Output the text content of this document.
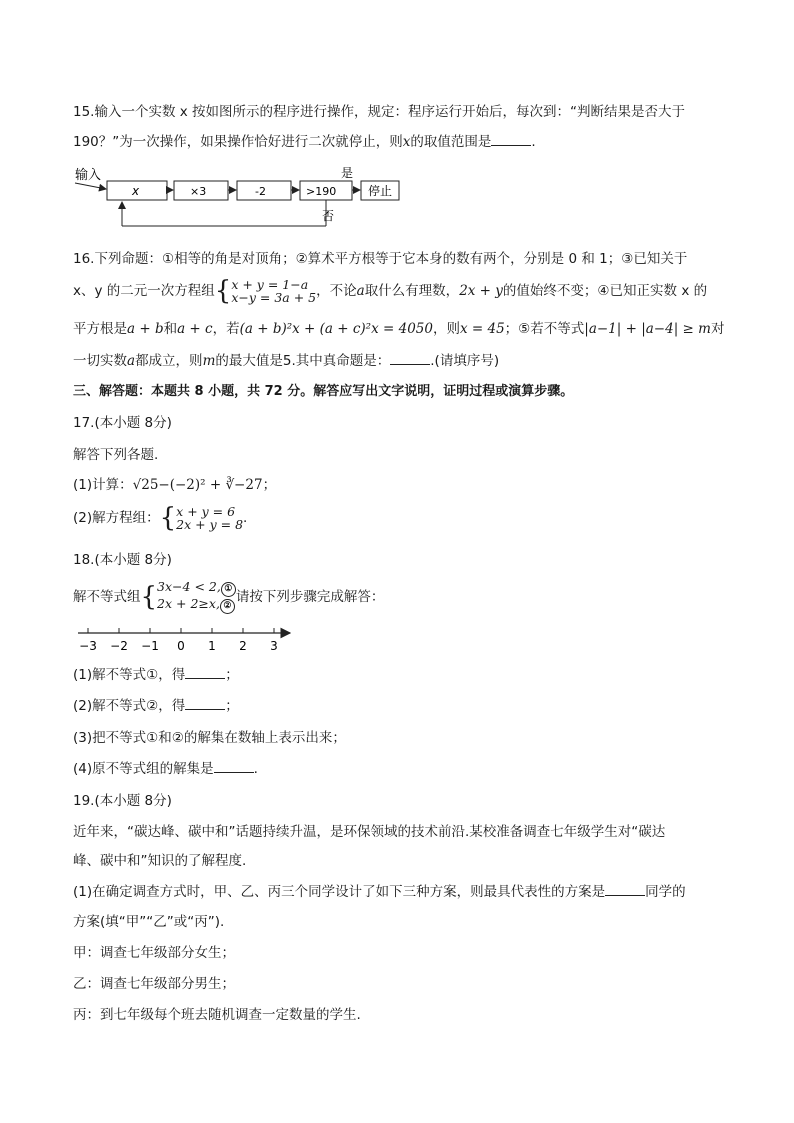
15.输入一个实数 x 按如图所示的程序进行操作，规定：程序运行开始后，每次到：“判断结果是否大于
190？”为一次操作，如果操作恰好进行二次就停止，则x的取值范围是	.
输入
x	×3	-2	>190
是
停止
否
16.下列命题：①相等的角是对顶角；②算术平方根等于它本身的数有两个，分别是 0 和 1；③已知关于
x、y 的二元一次方程组{ x + y = 1−a
x−y = 3a + 5 ，不论a取什么有理数，2x + y的值始终不变；④已知正实数 x 的
平方根是a + b和a + c，若(a + b)²x + (a + c)²x = 4050，则x = 45；⑤若不等式|a−1| + |a−4| ≥ m对
一切实数a都成立，则m的最大值是5.其中真命题是：	.(请填序号)
三、解答题：本题共 8 小题，共 72 分。解答应写出文字说明，证明过程或演算步骤。
17.(本小题 8分)
解答下列各题.
(1)计算：√25−(−2)² + ∛−27；
(2)解方程组：{ x + y = 6
2x + y = 8 .
18.(本小题 8分)
解不等式组{ 3x−4 < 2, ①
2x + 2≥x, ②
请按下列步骤完成解答：
−3 −2 −1 0 1 2 3
(1)解不等式①，得	；
(2)解不等式②，得	；
(3)把不等式①和②的解集在数轴上表示出来；
(4)原不等式组的解集是	.
19.(本小题 8分)
近年来，“碳达峰、碳中和”话题持续升温，是环保领域的技术前沿.某校准备调查七年级学生对“碳达
峰、碳中和”知识的了解程度.
(1)在确定调查方式时，甲、乙、丙三个同学设计了如下三种方案，则最具代表性的方案是	同学的
方案(填“甲”“乙”或“丙”).
甲：调查七年级部分女生；
乙：调查七年级部分男生；
丙：到七年级每个班去随机调查一定数量的学生.
